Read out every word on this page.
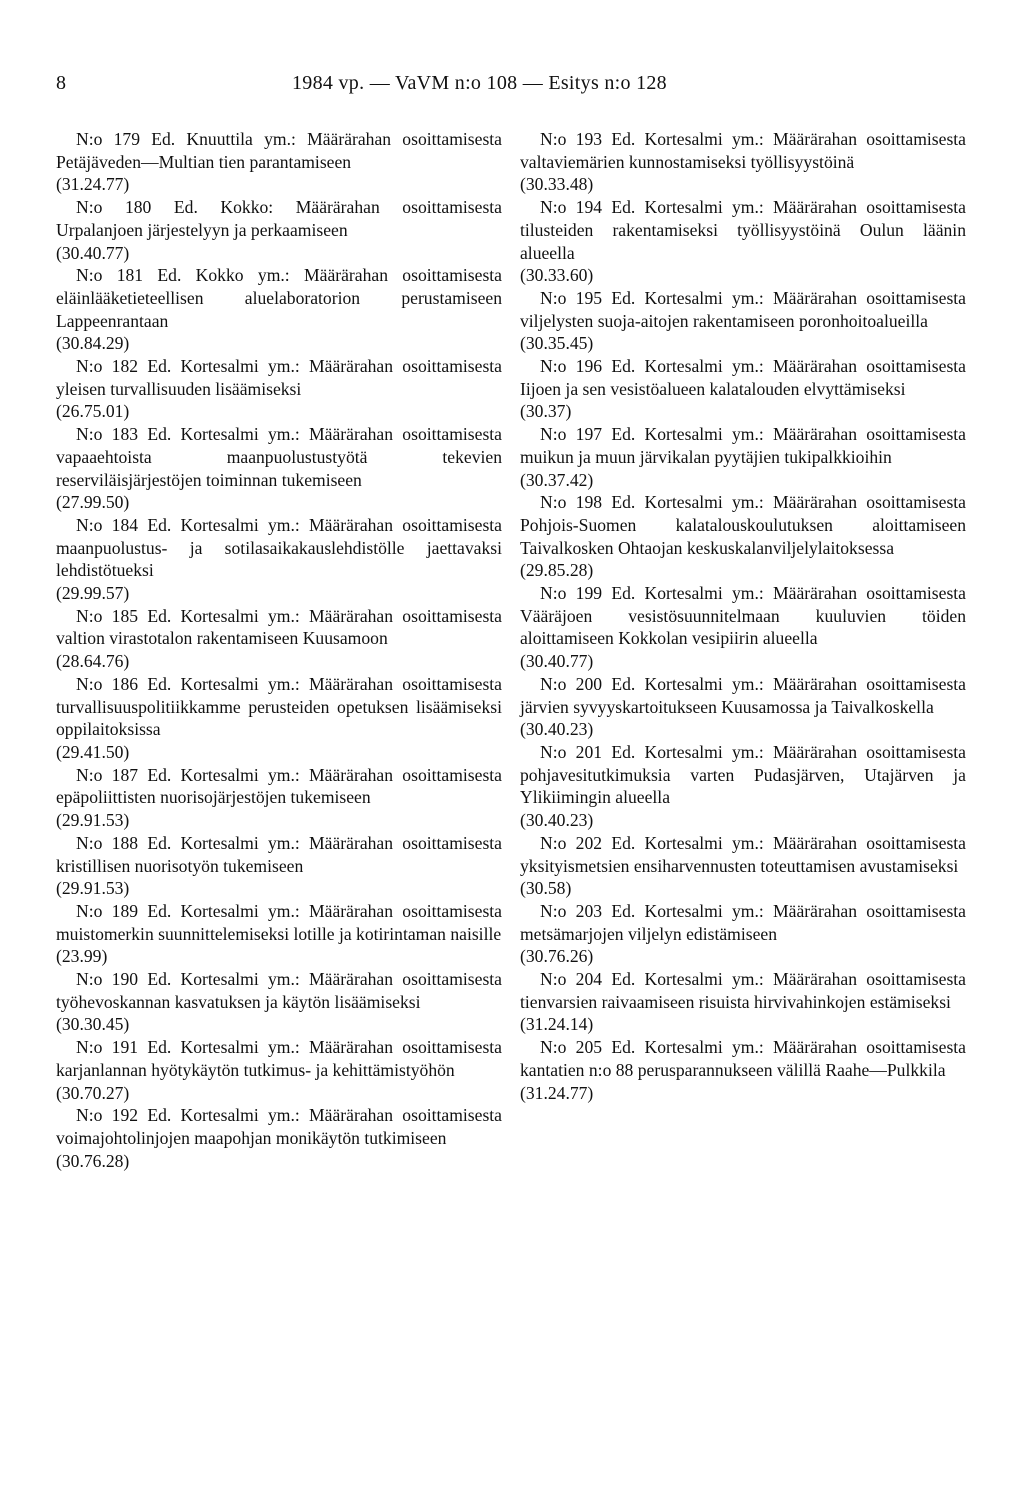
8	1984 vp. — VaVM n:o 108 — Esitys n:o 128

N:o 179 Ed. Knuuttila ym.: Määrärahan osoittamisesta Petäjäveden—Multian tien parantamiseen

(31.24.77)

N:o 180 Ed. Kokko: Määrärahan osoittamisesta Urpalanjoen järjestelyyn ja perkaamiseen

(30.40.77)

N:o 181 Ed. Kokko ym.: Määrärahan osoittamisesta eläinlääketieteellisen aluelaboratorion perustamiseen Lappeenrantaan

(30.84.29)

N:o 182 Ed. Kortesalmi ym.: Määrärahan osoittamisesta yleisen turvallisuuden lisäämiseksi

(26.75.01)

N:o 183 Ed. Kortesalmi ym.: Määrärahan osoittamisesta vapaaehtoista maanpuolustustyötä tekevien reserviläisjärjestöjen toiminnan tukemiseen

(27.99.50)

N:o 184 Ed. Kortesalmi ym.: Määrärahan osoittamisesta maanpuolustus- ja sotilasaikakauslehdistölle jaettavaksi lehdistötueksi

(29.99.57)

N:o 185 Ed. Kortesalmi ym.: Määrärahan osoittamisesta valtion virastotalon rakentamiseen Kuusamoon

(28.64.76)

N:o 186 Ed. Kortesalmi ym.: Määrärahan osoittamisesta turvallisuuspolitiikkamme perusteiden opetuksen lisäämiseksi oppilaitoksissa

(29.41.50)

N:o 187 Ed. Kortesalmi ym.: Määrärahan osoittamisesta epäpoliittisten nuorisojärjestöjen tukemiseen

(29.91.53)

N:o 188 Ed. Kortesalmi ym.: Määrärahan osoittamisesta kristillisen nuorisotyön tukemiseen

(29.91.53)

N:o 189 Ed. Kortesalmi ym.: Määrärahan osoittamisesta muistomerkin suunnittelemiseksi lotille ja kotirintaman naisille

(23.99)

N:o 190 Ed. Kortesalmi ym.: Määrärahan osoittamisesta työhevoskannan kasvatuksen ja käytön lisäämiseksi

(30.30.45)

N:o 191 Ed. Kortesalmi ym.: Määrärahan osoittamisesta karjanlannan hyötykäytön tutkimus- ja kehittämistyöhön

(30.70.27)

N:o 192 Ed. Kortesalmi ym.: Määrärahan osoittamisesta voimajohtolinjojen maapohjan monikäytön tutkimiseen

(30.76.28)

N:o 193 Ed. Kortesalmi ym.: Määrärahan osoittamisesta valtaviemärien kunnostamiseksi työllisyystöinä

(30.33.48)

N:o 194 Ed. Kortesalmi ym.: Määrärahan osoittamisesta tilusteiden rakentamiseksi työllisyystöinä Oulun läänin alueella

(30.33.60)

N:o 195 Ed. Kortesalmi ym.: Määrärahan osoittamisesta viljelysten suoja-aitojen rakentamiseen poronhoitoalueilla

(30.35.45)

N:o 196 Ed. Kortesalmi ym.: Määrärahan osoittamisesta Iijoen ja sen vesistöalueen kalatalouden elvyttämiseksi

(30.37)

N:o 197 Ed. Kortesalmi ym.: Määrärahan osoittamisesta muikun ja muun järvikalan pyytäjien tukipalkkioihin

(30.37.42)

N:o 198 Ed. Kortesalmi ym.: Määrärahan osoittamisesta Pohjois-Suomen kalatalouskoulutuksen aloittamiseen Taivalkosken Ohtaojan keskuskalanviljelylaitoksessa

(29.85.28)

N:o 199 Ed. Kortesalmi ym.: Määrärahan osoittamisesta Vääräjoen vesistösuunnitelmaan kuuluvien töiden aloittamiseen Kokkolan vesipiirin alueella

(30.40.77)

N:o 200 Ed. Kortesalmi ym.: Määrärahan osoittamisesta järvien syvyyskartoitukseen Kuusamossa ja Taivalkoskella

(30.40.23)

N:o 201 Ed. Kortesalmi ym.: Määrärahan osoittamisesta pohjavesitutkimuksia varten Pudasjärven, Utajärven ja Ylikiimingin alueella

(30.40.23)

N:o 202 Ed. Kortesalmi ym.: Määrärahan osoittamisesta yksityismetsien ensiharvennusten toteuttamisen avustamiseksi

(30.58)

N:o 203 Ed. Kortesalmi ym.: Määrärahan osoittamisesta metsämarjojen viljelyn edistämiseen

(30.76.26)

N:o 204 Ed. Kortesalmi ym.: Määrärahan osoittamisesta tienvarsien raivaamiseen risuista hirvivahinkojen estämiseksi

(31.24.14)

N:o 205 Ed. Kortesalmi ym.: Määrärahan osoittamisesta kantatien n:o 88 perusparannukseen välillä Raahe—Pulkkila

(31.24.77)
